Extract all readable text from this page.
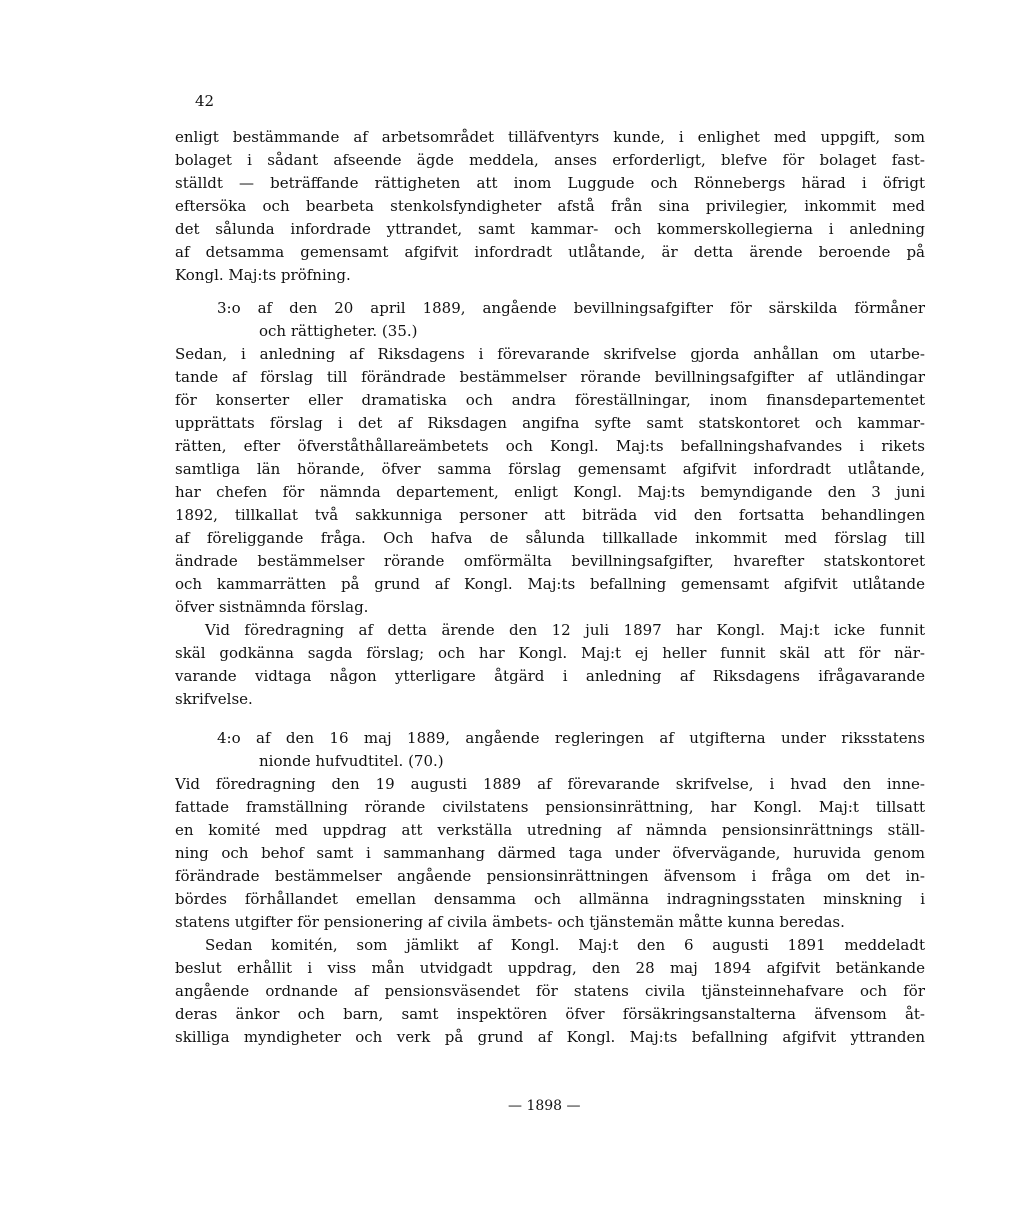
42
enligt bestämmande af arbetsområdet tilläfventyrs kunde, i enlighet med uppgift, som
bolaget i sådant afseende ägde meddela, anses erforderligt, blefve för bolaget fast-
ställdt — beträffande rättigheten att inom Luggude och Rönnebergs härad i öfrigt
eftersöka och bearbeta stenkolsfyndigheter afstå från sina privilegier, inkommit med
det sålunda infordrade yttrandet, samt kammar- och kommerskollegierna i anledning
af detsamma gemensamt afgifvit infordradt utlåtande, är detta ärende beroende på
Kongl. Maj:ts pröfning.
3:o af den 20 april 1889, angående bevillningsafgifter för särskilda förmåner
och rättigheter. (35.)
Sedan, i anledning af Riksdagens i förevarande skrifvelse gjorda anhållan om utarbe-
tande af förslag till förändrade bestämmelser rörande bevillningsafgifter af utländingar
för konserter eller dramatiska och andra föreställningar, inom finansdepartementet
upprättats förslag i det af Riksdagen angifna syfte samt statskontoret och kammar-
rätten, efter öfverståthållareämbetets och Kongl. Maj:ts befallningshafvandes i rikets
samtliga län hörande, öfver samma förslag gemensamt afgifvit infordradt utlåtande,
har chefen för nämnda departement, enligt Kongl. Maj:ts bemyndigande den 3 juni
1892, tillkallat två sakkunniga personer att biträda vid den fortsatta behandlingen
af föreliggande fråga. Och hafva de sålunda tillkallade inkommit med förslag till
ändrade bestämmelser rörande omförmälta bevillningsafgifter, hvarefter statskontoret
och kammarrätten på grund af Kongl. Maj:ts befallning gemensamt afgifvit utlåtande
öfver sistnämnda förslag.
Vid föredragning af detta ärende den 12 juli 1897 har Kongl. Maj:t icke funnit
skäl godkänna sagda förslag; och har Kongl. Maj:t ej heller funnit skäl att för när-
varande vidtaga någon ytterligare åtgärd i anledning af Riksdagens ifrågavarande
skrifvelse.
4:o af den 16 maj 1889, angående regleringen af utgifterna under riksstatens
nionde hufvudtitel. (70.)
Vid föredragning den 19 augusti 1889 af förevarande skrifvelse, i hvad den inne-
fattade framställning rörande civilstatens pensionsinrättning, har Kongl. Maj:t tillsatt
en komité med uppdrag att verkställa utredning af nämnda pensionsinrättnings ställ-
ning och behof samt i sammanhang därmed taga under öfvervägande, huruvida genom
förändrade bestämmelser angående pensionsinrättningen äfvensom i fråga om det in-
bördes förhållandet emellan densamma och allmänna indragningsstaten minskning i
statens utgifter för pensionering af civila ämbets- och tjänstemän måtte kunna beredas.
Sedan komitén, som jämlikt af Kongl. Maj:t den 6 augusti 1891 meddeladt
beslut erhållit i viss mån utvidgadt uppdrag, den 28 maj 1894 afgifvit betänkande
angående ordnande af pensionsväsendet för statens civila tjänsteinnehafvare och för
deras änkor och barn, samt inspektören öfver försäkringsanstalterna äfvensom åt-
skilliga myndigheter och verk på grund af Kongl. Maj:ts befallning afgifvit yttranden
— 1898 —
